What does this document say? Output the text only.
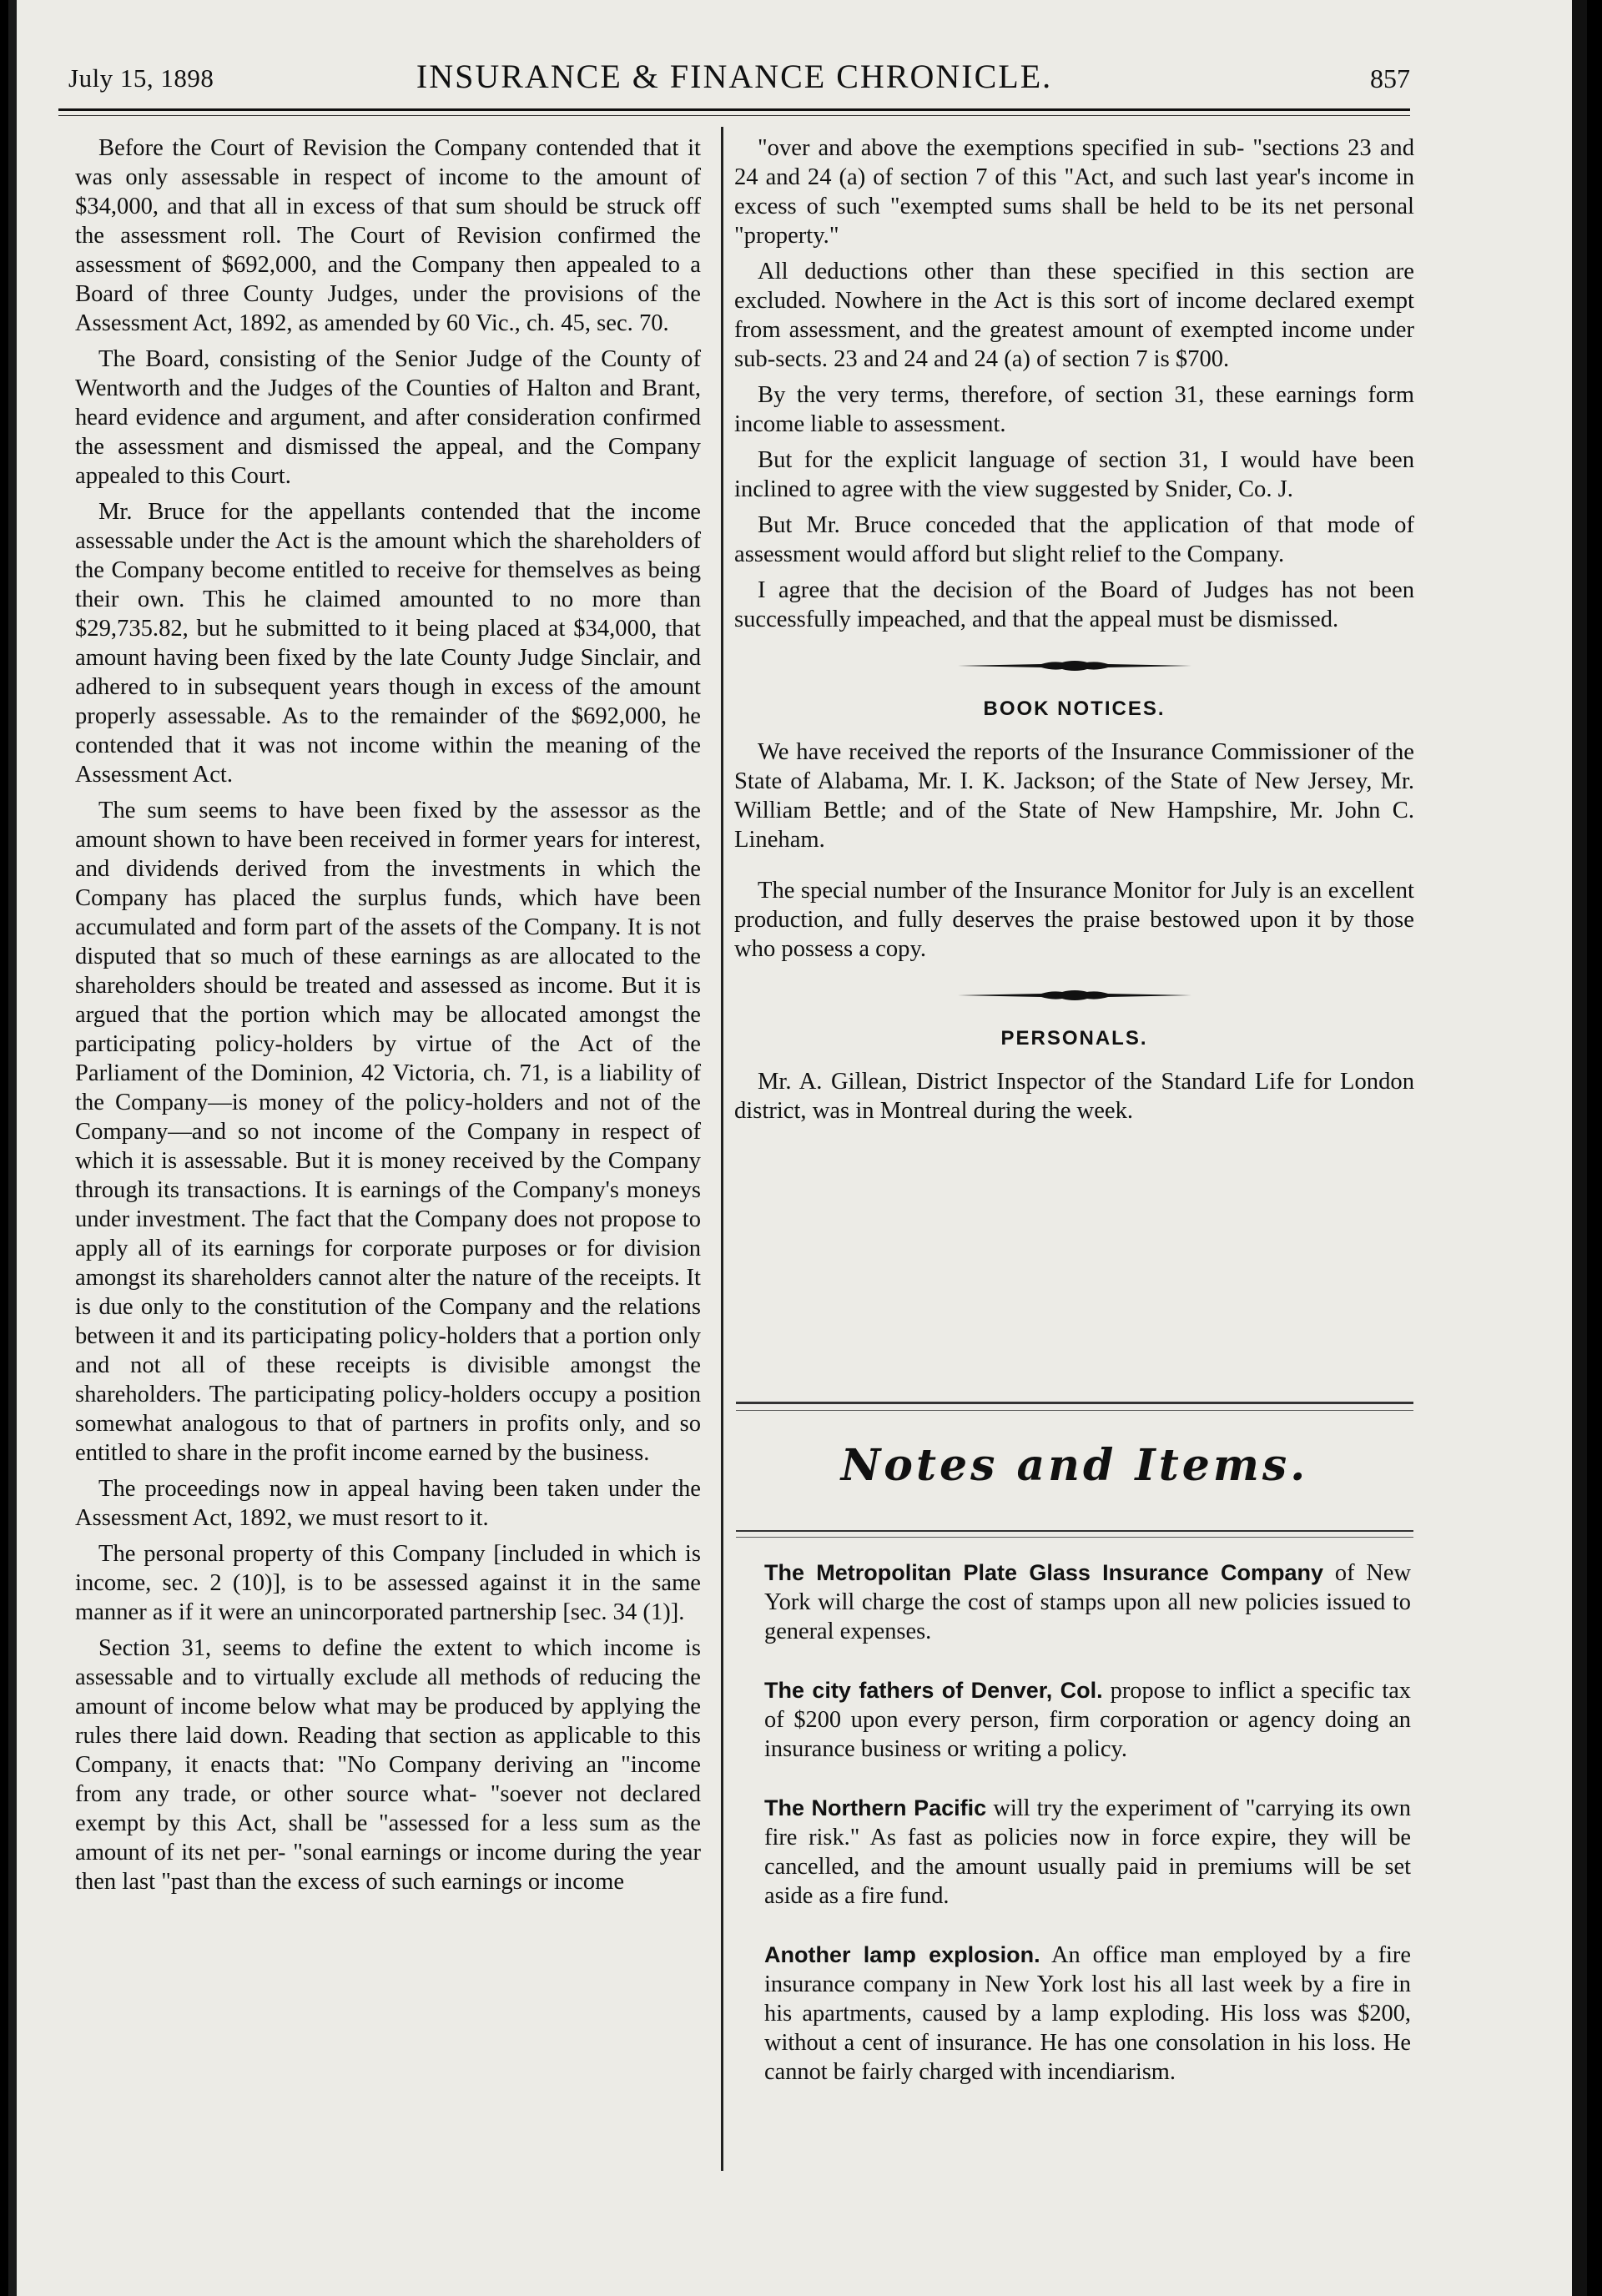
July 15, 1898	INSURANCE & FINANCE CHRONICLE.	857

Before the Court of Revision the Company contended that it was only assessable in respect of income to the amount of $34,000, and that all in excess of that sum should be struck off the assessment roll. The Court of Revision confirmed the assessment of $692,000, and the Company then appealed to a Board of three County Judges, under the provisions of the Assessment Act, 1892, as amended by 60 Vic., ch. 45, sec. 70.

The Board, consisting of the Senior Judge of the County of Wentworth and the Judges of the Counties of Halton and Brant, heard evidence and argument, and after consideration confirmed the assessment and dismissed the appeal, and the Company appealed to this Court.

Mr. Bruce for the appellants contended that the income assessable under the Act is the amount which the shareholders of the Company become entitled to receive for themselves as being their own. This he claimed amounted to no more than $29,735.82, but he submitted to it being placed at $34,000, that amount having been fixed by the late County Judge Sinclair, and adhered to in subsequent years though in excess of the amount properly assessable. As to the remainder of the $692,000, he contended that it was not income within the meaning of the Assessment Act.

The sum seems to have been fixed by the assessor as the amount shown to have been received in former years for interest, and dividends derived from the investments in which the Company has placed the surplus funds, which have been accumulated and form part of the assets of the Company. It is not disputed that so much of these earnings as are allocated to the shareholders should be treated and assessed as income. But it is argued that the portion which may be allocated amongst the participating policy-holders by virtue of the Act of the Parliament of the Dominion, 42 Victoria, ch. 71, is a liability of the Company—is money of the policy-holders and not of the Company—and so not income of the Company in respect of which it is assessable. But it is money received by the Company through its transactions. It is earnings of the Company's moneys under investment. The fact that the Company does not propose to apply all of its earnings for corporate purposes or for division amongst its shareholders cannot alter the nature of the receipts. It is due only to the constitution of the Company and the relations between it and its participating policy-holders that a portion only and not all of these receipts is divisible amongst the shareholders. The participating policy-holders occupy a position somewhat analogous to that of partners in profits only, and so entitled to share in the profit income earned by the business.

The proceedings now in appeal having been taken under the Assessment Act, 1892, we must resort to it.

The personal property of this Company [included in which is income, sec. 2 (10)], is to be assessed against it in the same manner as if it were an unincorporated partnership [sec. 34 (1)].

Section 31, seems to define the extent to which income is assessable and to virtually exclude all methods of reducing the amount of income below what may be produced by applying the rules there laid down. Reading that section as applicable to this Company, it enacts that: "No Company deriving an "income from any trade, or other source what- "soever not declared exempt by this Act, shall be "assessed for a less sum as the amount of its net per- "sonal earnings or income during the year then last "past than the excess of such earnings or income

"over and above the exemptions specified in sub- "sections 23 and 24 and 24 (a) of section 7 of this "Act, and such last year's income in excess of such "exempted sums shall be held to be its net personal "property."

All deductions other than these specified in this section are excluded. Nowhere in the Act is this sort of income declared exempt from assessment, and the greatest amount of exempted income under sub-sects. 23 and 24 and 24 (a) of section 7 is $700.

By the very terms, therefore, of section 31, these earnings form income liable to assessment.

But for the explicit language of section 31, I would have been inclined to agree with the view suggested by Snider, Co. J.

But Mr. Bruce conceded that the application of that mode of assessment would afford but slight relief to the Company.

I agree that the decision of the Board of Judges has not been successfully impeached, and that the appeal must be dismissed.

BOOK NOTICES.

We have received the reports of the Insurance Commissioner of the State of Alabama, Mr. I. K. Jackson; of the State of New Jersey, Mr. William Bettle; and of the State of New Hampshire, Mr. John C. Lineham.

The special number of the Insurance Monitor for July is an excellent production, and fully deserves the praise bestowed upon it by those who possess a copy.

PERSONALS.

Mr. A. Gillean, District Inspector of the Standard Life for London district, was in Montreal during the week.

Notes and Items.

The Metropolitan Plate Glass Insurance Company of New York will charge the cost of stamps upon all new policies issued to general expenses.

The city fathers of Denver, Col. propose to inflict a specific tax of $200 upon every person, firm corporation or agency doing an insurance business or writing a policy.

The Northern Pacific will try the experiment of "carrying its own fire risk." As fast as policies now in force expire, they will be cancelled, and the amount usually paid in premiums will be set aside as a fire fund.

Another lamp explosion. An office man employed by a fire insurance company in New York lost his all last week by a fire in his apartments, caused by a lamp exploding. His loss was $200, without a cent of insurance. He has one consolation in his loss. He cannot be fairly charged with incendiarism.
